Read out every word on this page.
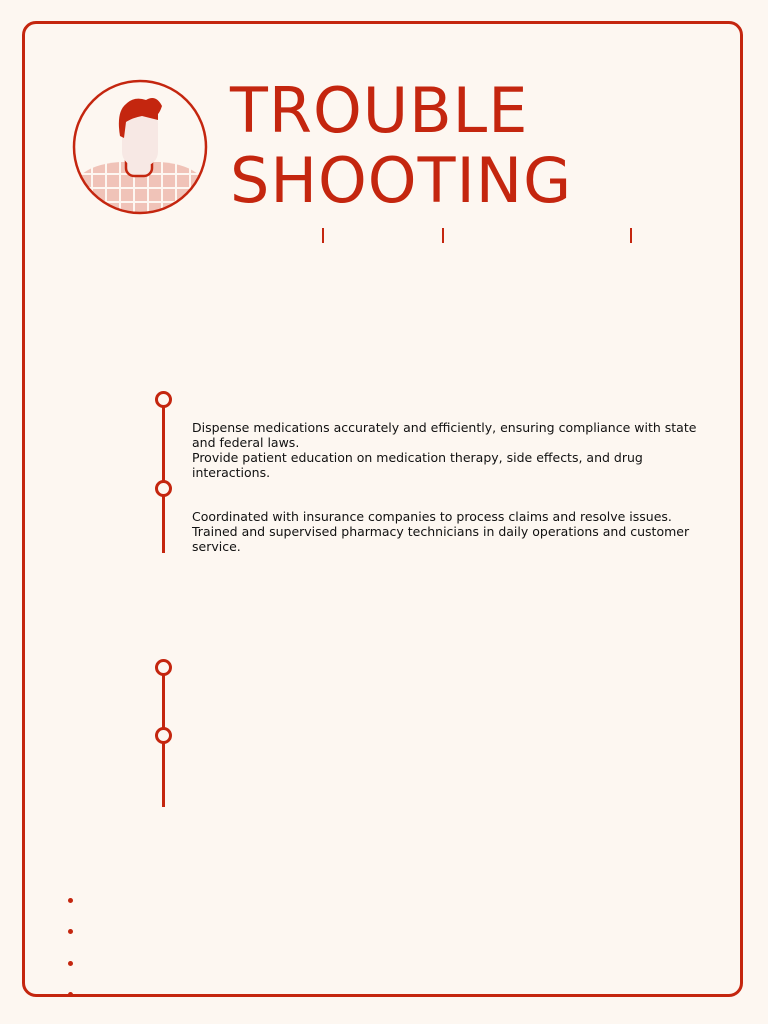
TROUBLE
SHOOTING

Dispense medications accurately and efficiently, ensuring compliance with state and federal laws.

Provide patient education on medication therapy, side effects, and drug interactions.

Coordinated with insurance companies to process claims and resolve issues.

Trained and supervised pharmacy technicians in daily operations and customer service.
